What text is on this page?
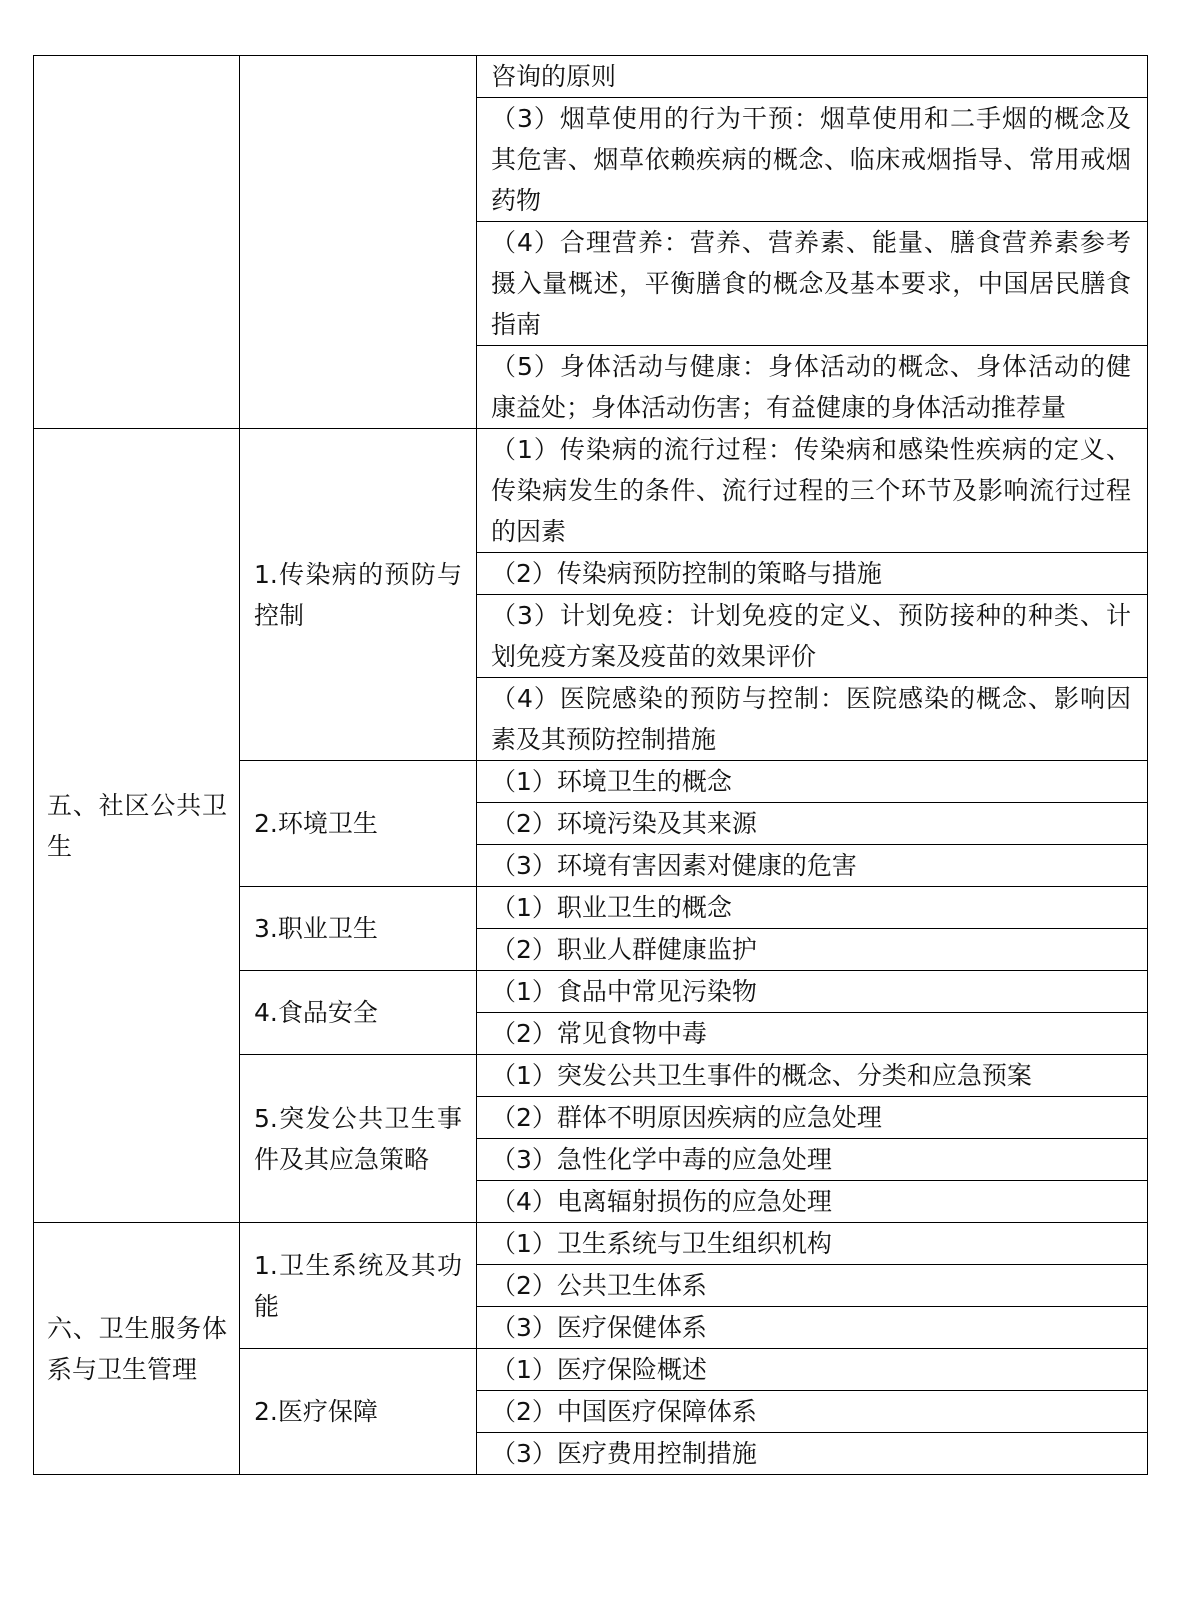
		咨询的原则
		（3）烟草使用的行为干预：烟草使用和二手烟的概念及其危害、烟草依赖疾病的概念、临床戒烟指导、常用戒烟药物
		（4）合理营养：营养、营养素、能量、膳食营养素参考摄入量概述，平衡膳食的概念及基本要求，中国居民膳食指南
		（5）身体活动与健康：身体活动的概念、身体活动的健康益处；身体活动伤害；有益健康的身体活动推荐量
五、社区公共卫生	1.传染病的预防与控制	（1）传染病的流行过程：传染病和感染性疾病的定义、传染病发生的条件、流行过程的三个环节及影响流行过程的因素
		（2）传染病预防控制的策略与措施
		（3）计划免疫：计划免疫的定义、预防接种的种类、计划免疫方案及疫苗的效果评价
		（4）医院感染的预防与控制：医院感染的概念、影响因素及其预防控制措施
	2.环境卫生	（1）环境卫生的概念
		（2）环境污染及其来源
		（3）环境有害因素对健康的危害
	3.职业卫生	（1）职业卫生的概念
		（2）职业人群健康监护
	4.食品安全	（1）食品中常见污染物
		（2）常见食物中毒
	5.突发公共卫生事件及其应急策略	（1）突发公共卫生事件的概念、分类和应急预案
		（2）群体不明原因疾病的应急处理
		（3）急性化学中毒的应急处理
		（4）电离辐射损伤的应急处理
六、卫生服务体系与卫生管理	1.卫生系统及其功能	（1）卫生系统与卫生组织机构
		（2）公共卫生体系
		（3）医疗保健体系
	2.医疗保障	（1）医疗保险概述
		（2）中国医疗保障体系
		（3）医疗费用控制措施
